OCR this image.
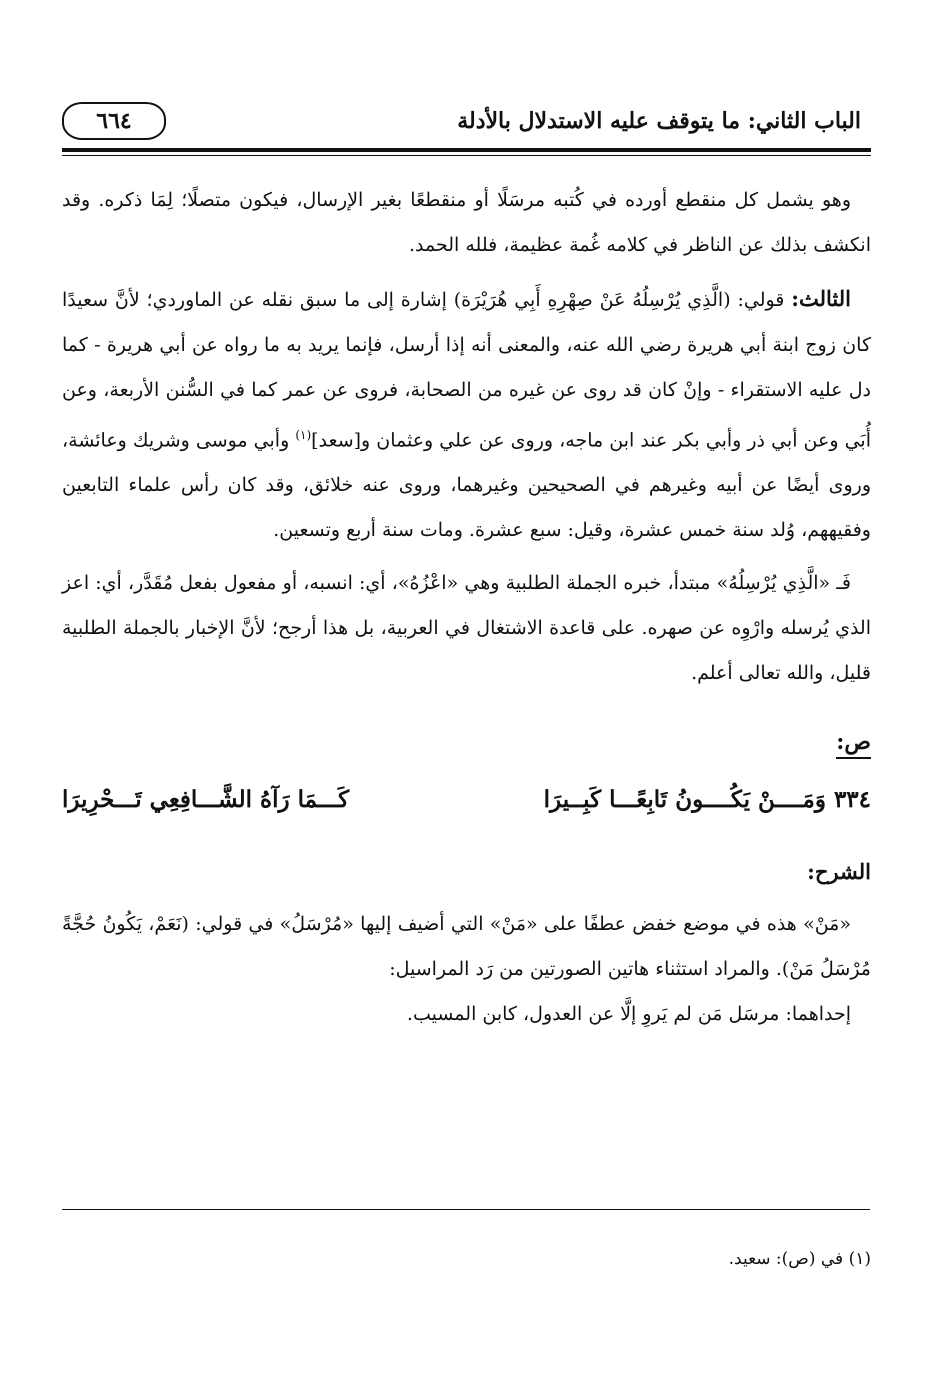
الباب الثاني: ما يتوقف عليه الاستدلال بالأدلة
٦٦٤

وهو يشمل كل منقطع أورده في كُتبه مرسَلًا أو منقطعًا بغير الإرسال، فيكون متصلًا؛ لِمَا ذكره. وقد انكشف بذلك عن الناظر في كلامه غُمة عظيمة، فلله الحمد.

الثالث: قولي: (الَّذِي يُرْسِلُهُ عَنْ صِهْرِهِ أَبِي هُرَيْرَة) إشارة إلى ما سبق نقله عن الماوردي؛ لأنَّ سعيدًا كان زوج ابنة أبي هريرة رضي الله عنه، والمعنى أنه إذا أرسل، فإنما يريد به ما رواه عن أبي هريرة - كما دل عليه الاستقراء - وإنْ كان قد روى عن غيره من الصحابة، فروى عن عمر كما في السُّنن الأربعة، وعن أُبَي وعن أبي ذر وأبي بكر عند ابن ماجه، وروى عن علي وعثمان و[سعد]$^{(١)}$ وأبي موسى وشريك وعائشة، وروى أيضًا عن أبيه وغيرهم في الصحيحين وغيرهما، وروى عنه خلائق، وقد كان رأس علماء التابعين وفقيههم، وُلد سنة خمس عشرة، وقيل: سبع عشرة. ومات سنة أربع وتسعين.

فَـ «الَّذِي يُرْسِلُهُ» مبتدأ، خبره الجملة الطلبية وهي «اعْزُهُ»، أي: انسبه، أو مفعول بفعل مُقَدَّر، أي: اعز الذي يُرسله وارْوِه عن صهره. على قاعدة الاشتغال في العربية، بل هذا أرجح؛ لأنَّ الإخبار بالجملة الطلبية قليل، والله تعالى أعلم.

ص:
٣٣٤ وَمَــــنْ يَكُــــونُ تَابِعًـــا كَبِــيرَا
كَـــمَا رَآهُ الشَّـــافِعِي تَـــحْرِيرَا
الشرح:

«مَنْ» هذه في موضع خفض عطفًا على «مَنْ» التي أضيف إليها «مُرْسَلُ» في قولي: (نَعَمْ، يَكُونُ حُجَّةً مُرْسَلُ مَنْ). والمراد استثناء هاتين الصورتين من رَد المراسيل:

إحداهما: مرسَل مَن لم يَروِ إلَّا عن العدول، كابن المسيب.
(١) في (ص): سعيد.
